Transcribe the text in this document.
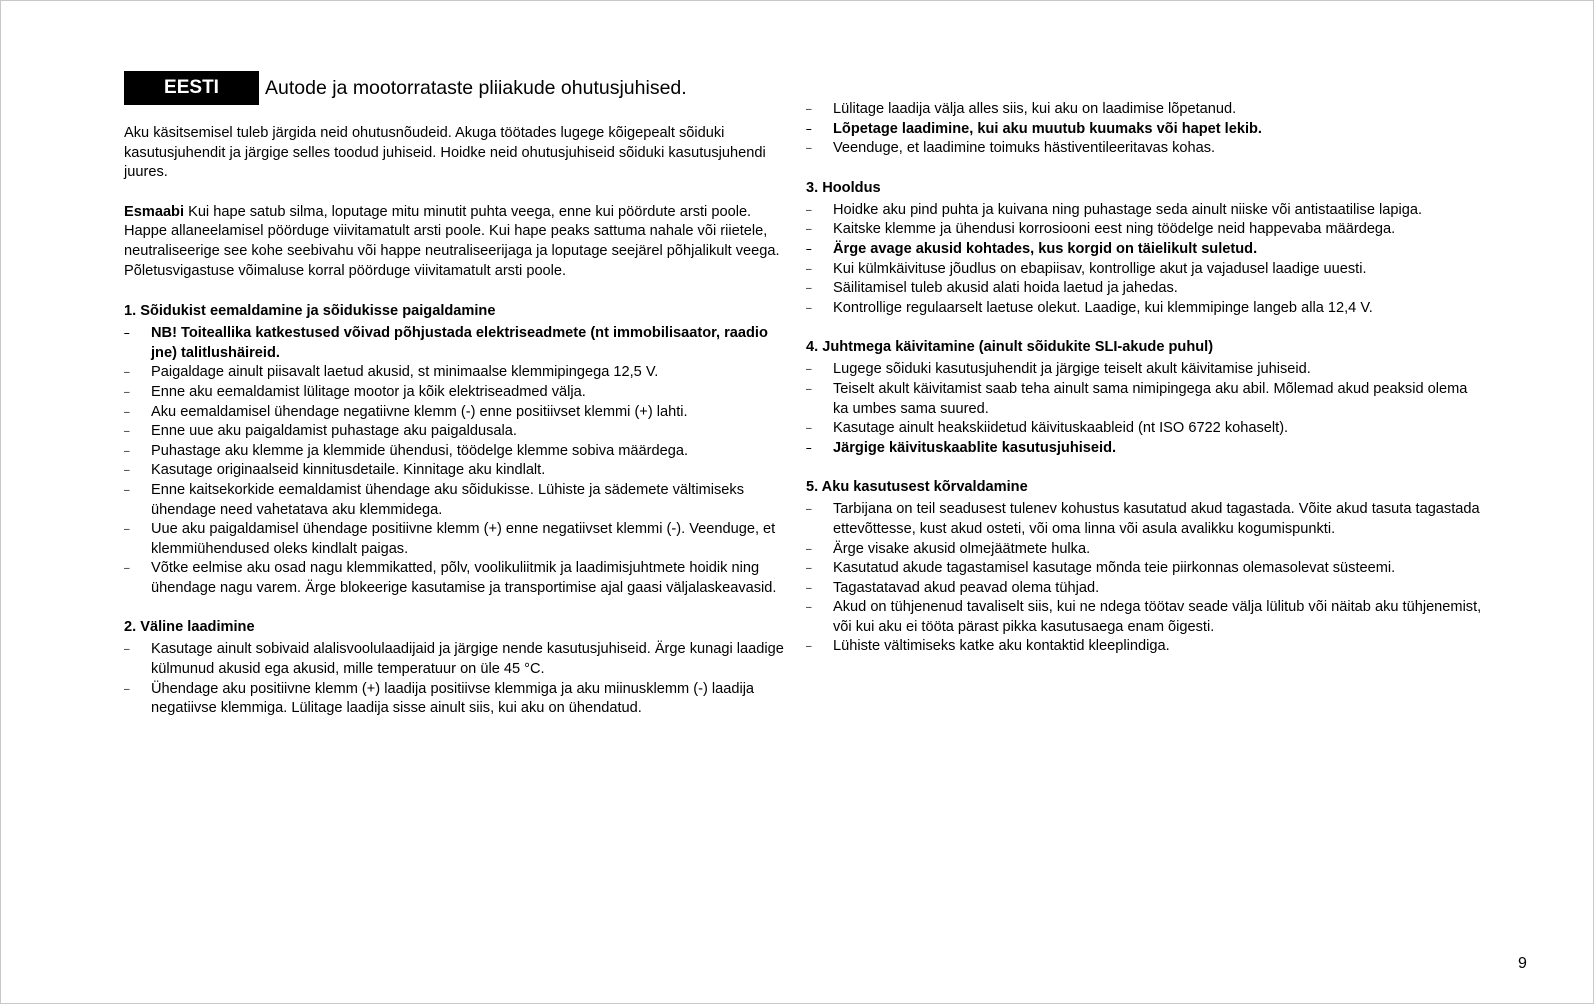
EESTI	Autode ja mootorrataste pliiakude ohutusjuhised.

Aku käsitsemisel tuleb järgida neid ohutusnõudeid. Akuga töötades lugege kõigepealt sõiduki kasutusjuhendit ja järgige selles toodud juhiseid. Hoidke neid ohutusjuhiseid sõiduki kasutusjuhendi juures.

Esmaabi Kui hape satub silma, loputage mitu minutit puhta veega, enne kui pöördute arsti poole. Happe allaneelamisel pöörduge viivitamatult arsti poole. Kui hape peaks sattuma nahale või riietele, neutraliseerige see kohe seebivahu või happe neutraliseerijaga ja loputage seejärel põhjalikult veega. Põletusvigastuse võimaluse korral pöörduge viivitamatult arsti poole.

1. Sõidukist eemaldamine ja sõidukisse paigaldamine
– NB! Toiteallika katkestused võivad põhjustada elektriseadmete (nt immobilisaator, raadio jne) talitlushäireid.
– Paigaldage ainult piisavalt laetud akusid, st minimaalse klemmipingega 12,5 V.
– Enne aku eemaldamist lülitage mootor ja kõik elektriseadmed välja.
– Aku eemaldamisel ühendage negatiivne klemm (-) enne positiivset klemmi (+) lahti.
– Enne uue aku paigaldamist puhastage aku paigaldusala.
– Puhastage aku klemme ja klemmide ühendusi, töödelge klemme sobiva määrdega.
– Kasutage originaalseid kinnitusdetaile. Kinnitage aku kindlalt.
– Enne kaitsekorkide eemaldamist ühendage aku sõidukisse. Lühiste ja sädemete vältimiseks ühendage need vahetatava aku klemmidega.
– Uue aku paigaldamisel ühendage positiivne klemm (+) enne negatiivset klemmi (-). Veenduge, et klemmiühendused oleks kindlalt paigas.
– Võtke eelmise aku osad nagu klemmikatted, põlv, voolikuliitmik ja laadimisjuhtmete hoidik ning ühendage nagu varem. Ärge blokeerige kasutamise ja transportimise ajal gaasi väljalaskeavasid.
2. Väline laadimine
– Kasutage ainult sobivaid alalisvoolulaadijaid ja järgige nende kasutusjuhiseid. Ärge kunagi laadige külmunud akusid ega akusid, mille temperatuur on üle 45 °C.
– Ühendage aku positiivne klemm (+) laadija positiivse klemmiga ja aku miinusklemm (-) laadija negatiivse klemmiga. Lülitage laadija sisse ainult siis, kui aku on ühendatud.
– Lülitage laadija välja alles siis, kui aku on laadimise lõpetanud.
– Lõpetage laadimine, kui aku muutub kuumaks või hapet lekib.
– Veenduge, et laadimine toimuks hästiventileeritavas kohas.
3. Hooldus
– Hoidke aku pind puhta ja kuivana ning puhastage seda ainult niiske või antistaatilise lapiga.
– Kaitske klemme ja ühendusi korrosiooni eest ning töödelge neid happevaba määrdega.
– Ärge avage akusid kohtades, kus korgid on täielikult suletud.
– Kui külmkäivituse jõudlus on ebapiisav, kontrollige akut ja vajadusel laadige uuesti.
– Säilitamisel tuleb akusid alati hoida laetud ja jahedas.
– Kontrollige regulaarselt laetuse olekut. Laadige, kui klemmipinge langeb alla 12,4 V.
4. Juhtmega käivitamine (ainult sõidukite SLI-akude puhul)
– Lugege sõiduki kasutusjuhendit ja järgige teiselt akult käivitamise juhiseid.
– Teiselt akult käivitamist saab teha ainult sama nimipingega aku abil. Mõlemad akud peaksid olema ka umbes sama suured.
– Kasutage ainult heakskiidetud käivituskaableid (nt ISO 6722 kohaselt).
– Järgige käivituskaablite kasutusjuhiseid.
5. Aku kasutusest kõrvaldamine
– Tarbijana on teil seadusest tulenev kohustus kasutatud akud tagastada. Võite akud tasuta tagastada ettevõttesse, kust akud osteti, või oma linna või asula avalikku kogumispunkti.
– Ärge visake akusid olmejäätmete hulka.
– Kasutatud akude tagastamisel kasutage mõnda teie piirkonnas olemasolevat süsteemi.
– Tagastatavad akud peavad olema tühjad.
– Akud on tühjenenud tavaliselt siis, kui ne ndega töötav seade välja lülitub või näitab aku tühjenemist, või kui aku ei tööta pärast pikka kasutusaega enam õigesti.
– Lühiste vältimiseks katke aku kontaktid kleeplindiga.
9
